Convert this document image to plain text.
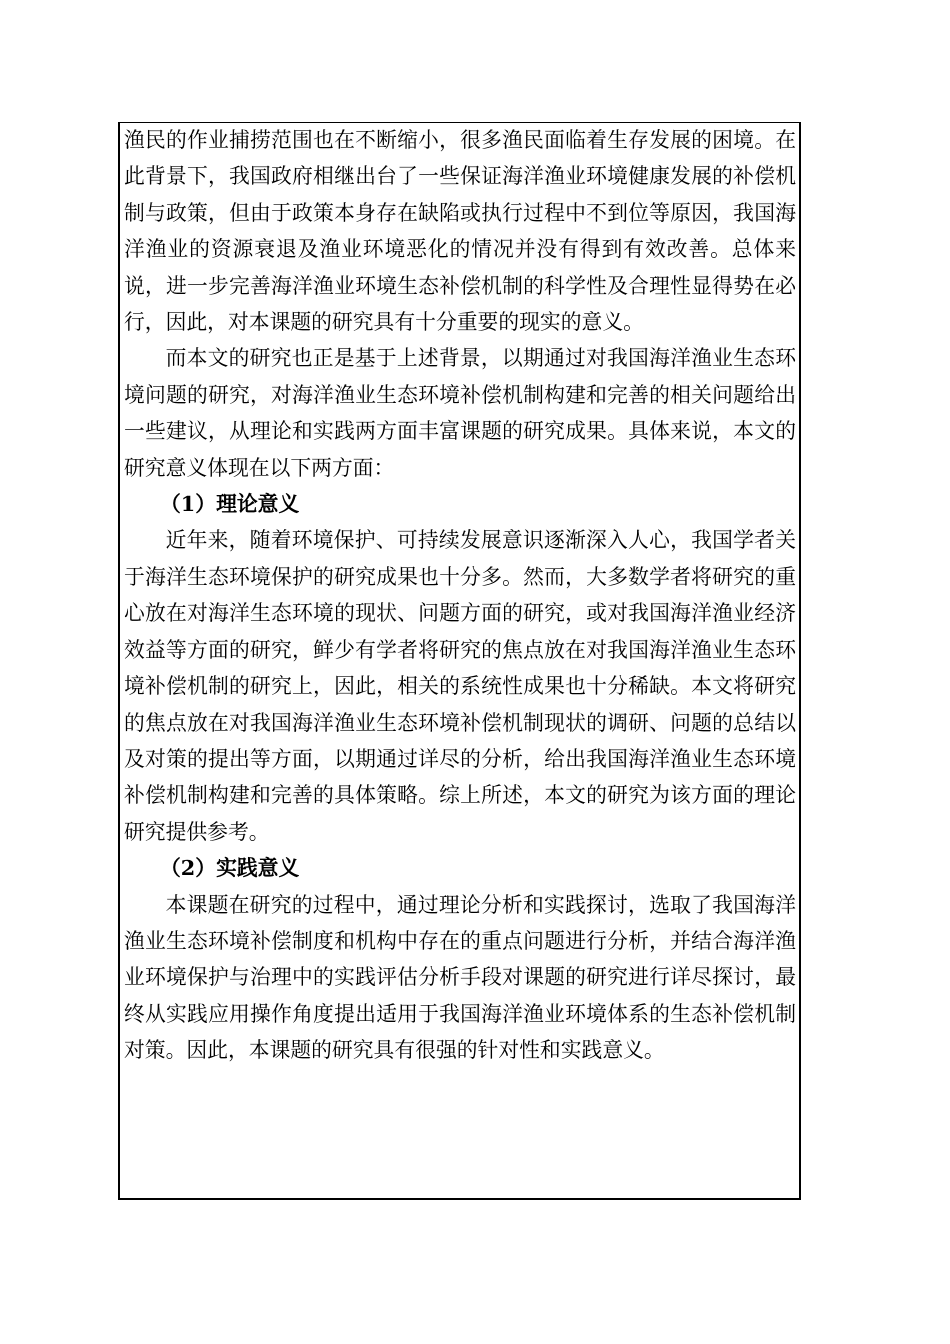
渔民的作业捕捞范围也在不断缩小，很多渔民面临着生存发展的困境。在此背景下，我国政府相继出台了一些保证海洋渔业环境健康发展的补偿机制与政策，但由于政策本身存在缺陷或执行过程中不到位等原因，我国海洋渔业的资源衰退及渔业环境恶化的情况并没有得到有效改善。总体来说，进一步完善海洋渔业环境生态补偿机制的科学性及合理性显得势在必行，因此，对本课题的研究具有十分重要的现实的意义。

而本文的研究也正是基于上述背景，以期通过对我国海洋渔业生态环境问题的研究，对海洋渔业生态环境补偿机制构建和完善的相关问题给出一些建议，从理论和实践两方面丰富课题的研究成果。具体来说，本文的研究意义体现在以下两方面：

（1）理论意义

近年来，随着环境保护、可持续发展意识逐渐深入人心，我国学者关于海洋生态环境保护的研究成果也十分多。然而，大多数学者将研究的重心放在对海洋生态环境的现状、问题方面的研究，或对我国海洋渔业经济效益等方面的研究，鲜少有学者将研究的焦点放在对我国海洋渔业生态环境补偿机制的研究上，因此，相关的系统性成果也十分稀缺。本文将研究的焦点放在对我国海洋渔业生态环境补偿机制现状的调研、问题的总结以及对策的提出等方面，以期通过详尽的分析，给出我国海洋渔业生态环境补偿机制构建和完善的具体策略。综上所述，本文的研究为该方面的理论研究提供参考。

（2）实践意义

本课题在研究的过程中，通过理论分析和实践探讨，选取了我国海洋渔业生态环境补偿制度和机构中存在的重点问题进行分析，并结合海洋渔业环境保护与治理中的实践评估分析手段对课题的研究进行详尽探讨，最终从实践应用操作角度提出适用于我国海洋渔业环境体系的生态补偿机制对策。因此，本课题的研究具有很强的针对性和实践意义。
